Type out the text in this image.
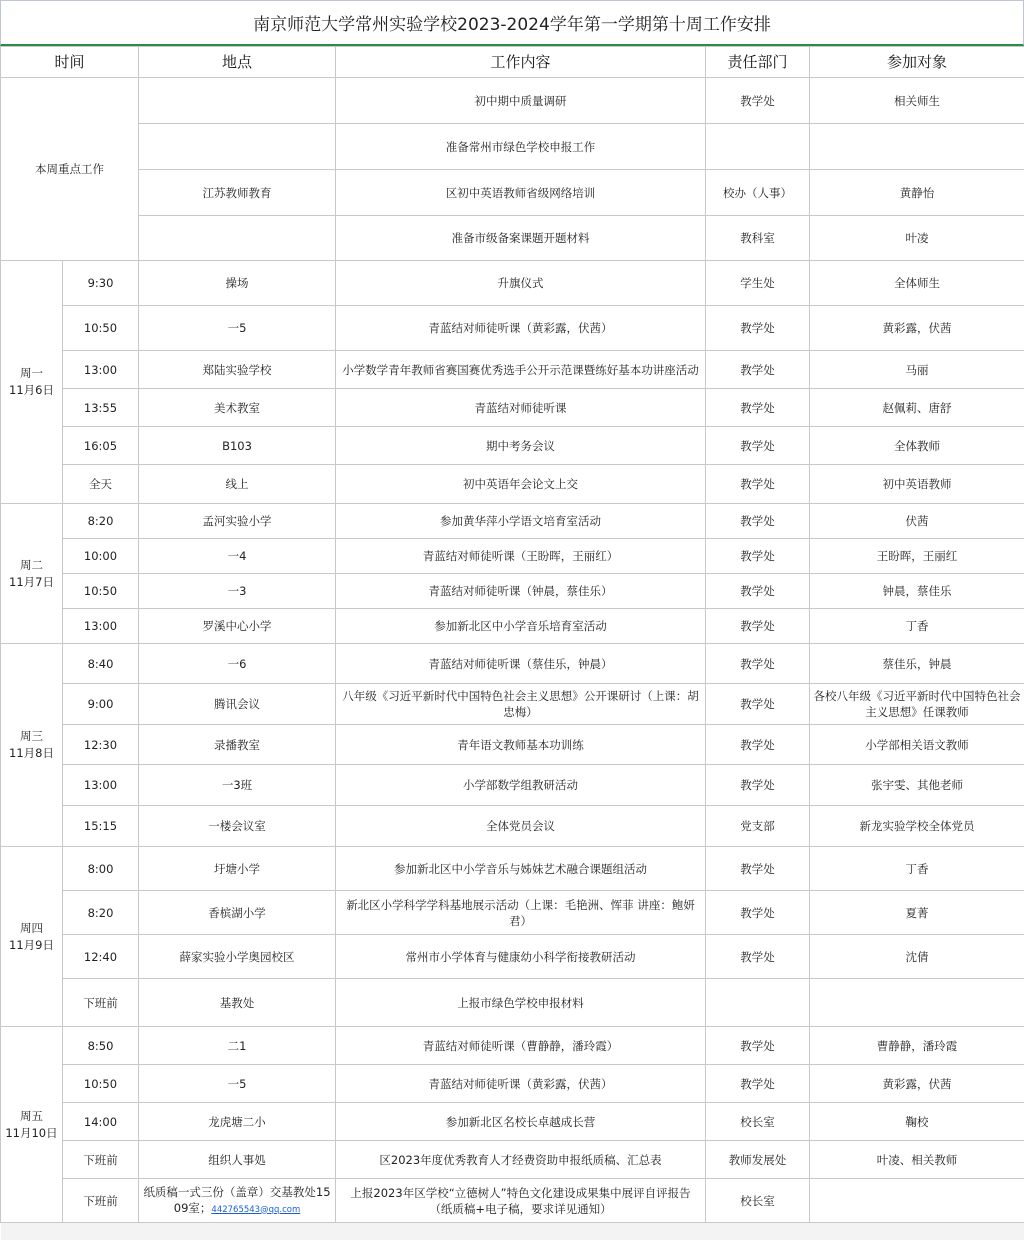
南京师范大学常州实验学校2023-2024学年第一学期第十周工作安排
时间		地点	工作内容	责任部门	参加对象
本周重点工作			初中期中质量调研	教学处	相关师生
			准备常州市绿色学校申报工作		
		江苏教师教育	区初中英语教师省级网络培训	校办（人事）	黄静怡
			准备市级备案课题开题材料	教科室	叶凌

周一
11月6日	9:30	操场	升旗仪式	学生处	全体师生
	10:50	一5	青蓝结对师徒听课（黄彩露，伏茜）	教学处	黄彩露，伏茜
	13:00	郑陆实验学校	小学数学青年教师省赛国赛优秀选手公开示范课暨练好基本功讲座活动	教学处	马丽
	13:55	美术教室	青蓝结对师徒听课	教学处	赵佩莉、唐舒
	16:05	B103	期中考务会议	教学处	全体教师
	全天	线上	初中英语年会论文上交	教学处	初中英语教师

周二
11月7日	8:20	孟河实验小学	参加黄华萍小学语文培育室活动	教学处	伏茜
	10:00	一4	青蓝结对师徒听课（王盼晖，王丽红）	教学处	王盼晖，王丽红
	10:50	一3	青蓝结对师徒听课（钟晨，蔡佳乐）	教学处	钟晨，蔡佳乐
	13:00	罗溪中心小学	参加新北区中小学音乐培育室活动	教学处	丁香

周三
11月8日	8:40	一6	青蓝结对师徒听课（蔡佳乐，钟晨）	教学处	蔡佳乐，钟晨
	9:00	腾讯会议	八年级《习近平新时代中国特色社会主义思想》公开课研讨（上课：胡忠梅）	教学处	各校八年级《习近平新时代中国特色社会主义思想》任课教师
	12:30	录播教室	青年语文教师基本功训练	教学处	小学部相关语文教师
	13:00	一3班	小学部数学组教研活动	教学处	张宇雯、其他老师
	15:15	一楼会议室	全体党员会议	党支部	新龙实验学校全体党员

周四
11月9日	8:00	圩塘小学	参加新北区中小学音乐与姊妹艺术融合课题组活动	教学处	丁香
	8:20	香槟湖小学	新北区小学科学学科基地展示活动（上课：毛艳洲、恽菲 讲座：鲍妍君）	教学处	夏菁
	12:40	薛家实验小学奥园校区	常州市小学体育与健康幼小科学衔接教研活动	教学处	沈倩
	下班前	基教处	上报市绿色学校申报材料		

周五
11月10日	8:50	二1	青蓝结对师徒听课（曹静静，潘玲霞）	教学处	曹静静，潘玲霞
	10:50	一5	青蓝结对师徒听课（黄彩露，伏茜）	教学处	黄彩露，伏茜
	14:00	龙虎塘二小	参加新北区名校长卓越成长营	校长室	鞠校
	下班前	组织人事処	区2023年度优秀教育人才经费资助申报纸质稿、汇总表	教师发展处	叶凌、相关教师
	下班前	纸质稿一式三份（盖章）交基教处1509室；442765543@qq.com	上报2023年区学校“立德树人”特色文化建设成果集中展评自评报告（纸质稿+电子稿，要求详见通知）	校长室	
